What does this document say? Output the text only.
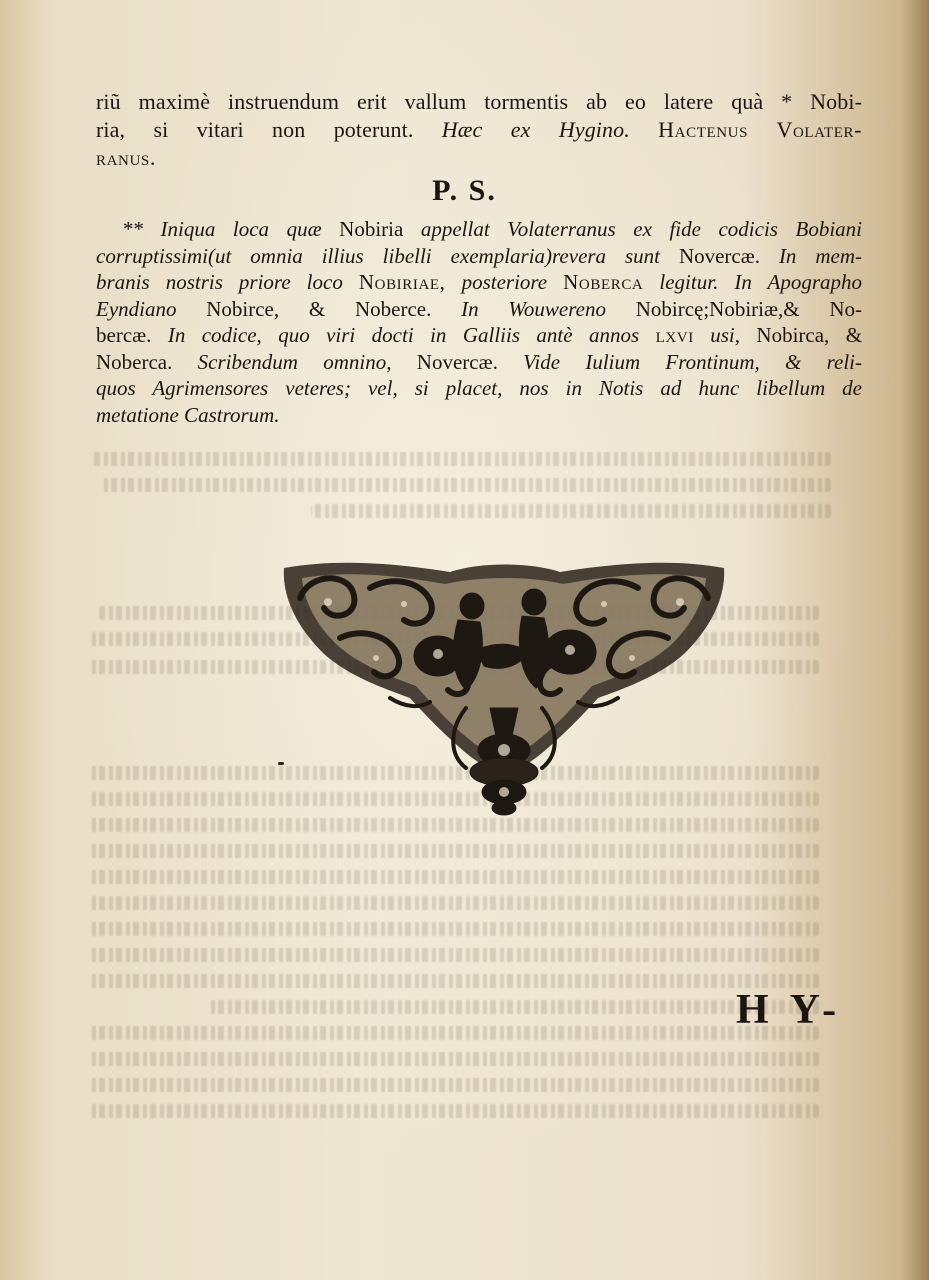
riũ maximè instruendum erit vallum tormentis ab eo latere quà * Nobi-
ria, si vitari non poterunt. Hæc ex Hygino. Hactenus Volater-
ranus.
P. S.
** Iniqua loca quæ Nobiria appellat Volaterranus ex fide codicis Bobiani
corruptissimi(ut omnia illius libelli exemplaria)revera sunt Novercæ. In mem-
branis nostris priore loco Nobiriae, posteriore Noberca legitur. In Apographo
Eyndiano Nobirce, & Noberce. In Wouwereno Nobircę;Nobiriæ,& No-
bercæ. In codice, quo viri docti in Galliis antè annos lxvi usi, Nobirca, &
Noberca. Scribendum omnino, Novercæ. Vide Iulium Frontinum, & reli-
quos Agrimensores veteres; vel, si placet, nos in Notis ad hunc libellum de
metatione Castrorum.
H Y-
